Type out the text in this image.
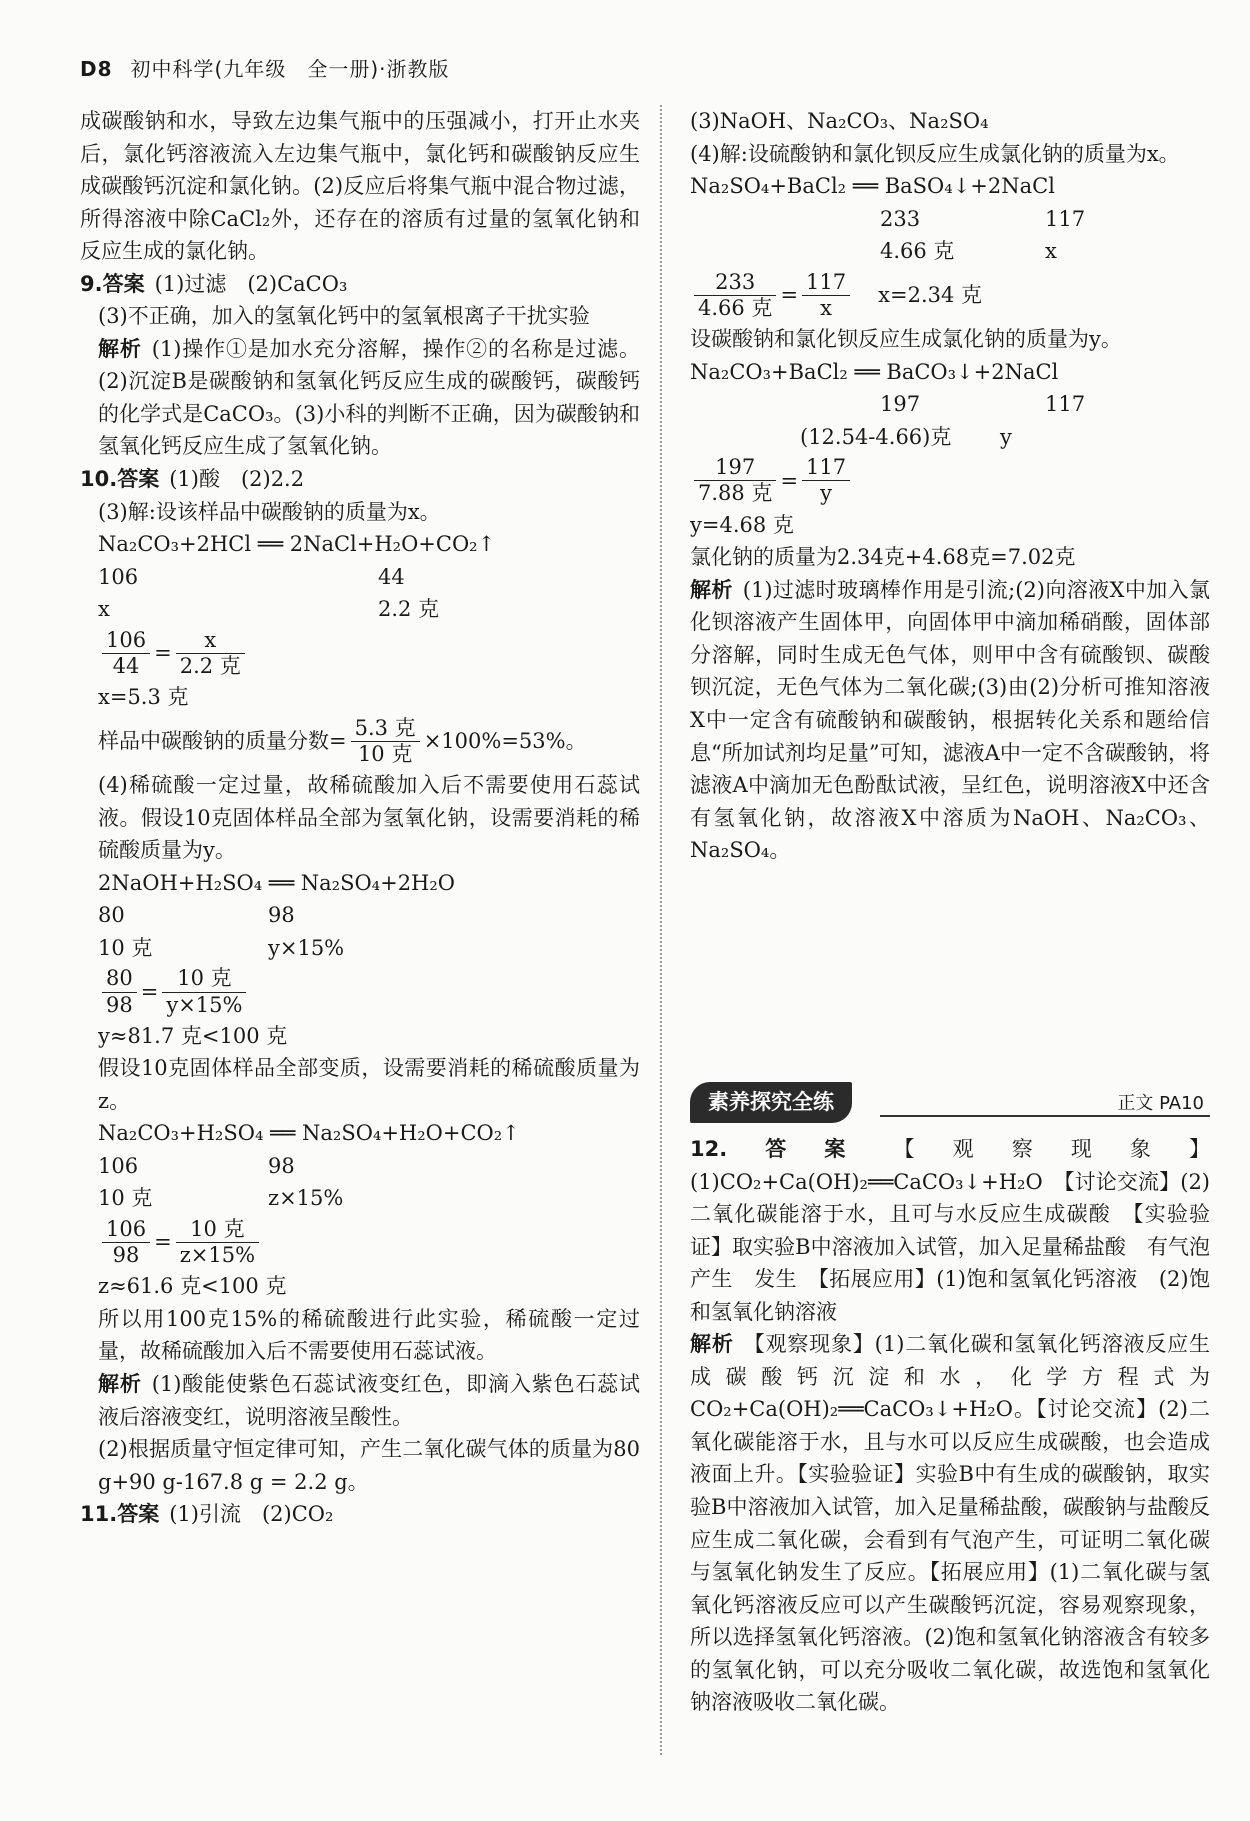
D8 初中科学(九年级　全一册)·浙教版

成碳酸钠和水，导致左边集气瓶中的压强减小，打开止水夹后，氯化钙溶液流入左边集气瓶中，氯化钙和碳酸钠反应生成碳酸钙沉淀和氯化钠。(2)反应后将集气瓶中混合物过滤，所得溶液中除CaCl₂外，还存在的溶质有过量的氢氧化钠和反应生成的氯化钠。

9.答案 (1)过滤　(2)CaCO₃

(3)不正确，加入的氢氧化钙中的氢氧根离子干扰实验

解析 (1)操作①是加水充分溶解，操作②的名称是过滤。(2)沉淀B是碳酸钠和氢氧化钙反应生成的碳酸钙，碳酸钙的化学式是CaCO₃。(3)小科的判断不正确，因为碳酸钠和氢氧化钙反应生成了氢氧化钠。

10.答案 (1)酸　(2)2.2

(3)解:设该样品中碳酸钠的质量为x。

Na₂CO₃+2HCl ══ 2NaCl+H₂O+CO₂↑

106	44
x	2.2 克
$\frac{106}{44} = \frac{x}{\text{2.2 克}}$

x=5.3 克

样品中碳酸钠的质量分数= $\frac{\text{5.3 克}}{\text{10 克}} \times 100\%=53\%$。

(4)稀硫酸一定过量，故稀硫酸加入后不需要使用石蕊试液。假设10克固体样品全部为氢氧化钠，设需要消耗的稀硫酸质量为y。

2NaOH+H₂SO₄ ══ Na₂SO₄+2H₂O

80	98
10 克	y×15%
$\frac{80}{98} = \frac{\text{10 克}}{y\times 15\%}$

y≈81.7 克<100 克

假设10克固体样品全部变质，设需要消耗的稀硫酸质量为z。

Na₂CO₃+H₂SO₄ ══ Na₂SO₄+H₂O+CO₂↑

106	98
10 克	z×15%
$\frac{106}{98} = \frac{\text{10 克}}{z\times 15\%}$

z≈61.6 克<100 克

所以用100克15%的稀硫酸进行此实验，稀硫酸一定过量，故稀硫酸加入后不需要使用石蕊试液。

解析 (1)酸能使紫色石蕊试液变红色，即滴入紫色石蕊试液后溶液变红，说明溶液呈酸性。

(2)根据质量守恒定律可知，产生二氧化碳气体的质量为80 g+90 g-167.8 g = 2.2 g。

11.答案 (1)引流　(2)CO₂

(3)NaOH、Na₂CO₃、Na₂SO₄

(4)解:设硫酸钠和氯化钡反应生成氯化钠的质量为x。

Na₂SO₄+BaCl₂ ══ BaSO₄↓+2NaCl

233	117
4.66 克	x
$\frac{233}{\text{4.66 克}} = \frac{117}{x} x=2.34$ 克

设碳酸钠和氯化钡反应生成氯化钠的质量为y。

Na₂CO₃+BaCl₂ ══ BaCO₃↓+2NaCl

197	117
(12.54-4.66)克	y
$\frac{197}{\text{7.88 克}} = \frac{117}{y}$

y=4.68 克

氯化钠的质量为2.34克+4.68克=7.02克

解析 (1)过滤时玻璃棒作用是引流;(2)向溶液X中加入氯化钡溶液产生固体甲，向固体甲中滴加稀硝酸，固体部分溶解，同时生成无色气体，则甲中含有硫酸钡、碳酸钡沉淀，无色气体为二氧化碳;(3)由(2)分析可推知溶液X中一定含有硫酸钠和碳酸钠，根据转化关系和题给信息“所加试剂均足量”可知，滤液A中一定不含碳酸钠，将滤液A中滴加无色酚酞试液，呈红色，说明溶液X中还含有氢氧化钠，故溶液X中溶质为NaOH、Na₂CO₃、Na₂SO₄。

素养探究全练	正文 PA10

12.答案 【观察现象】(1)CO₂+Ca(OH)₂══CaCO₃↓+H₂O　【讨论交流】(2)二氧化碳能溶于水，且可与水反应生成碳酸　【实验验证】取实验B中溶液加入试管，加入足量稀盐酸　有气泡产生　发生　【拓展应用】(1)饱和氢氧化钙溶液　(2)饱和氢氧化钠溶液

解析 【观察现象】(1)二氧化碳和氢氧化钙溶液反应生成碳酸钙沉淀和水，化学方程式为CO₂+Ca(OH)₂══CaCO₃↓+H₂O。【讨论交流】(2)二氧化碳能溶于水，且与水可以反应生成碳酸，也会造成液面上升。【实验验证】实验B中有生成的碳酸钠，取实验B中溶液加入试管，加入足量稀盐酸，碳酸钠与盐酸反应生成二氧化碳，会看到有气泡产生，可证明二氧化碳与氢氧化钠发生了反应。【拓展应用】(1)二氧化碳与氢氧化钙溶液反应可以产生碳酸钙沉淀，容易观察现象，所以选择氢氧化钙溶液。(2)饱和氢氧化钠溶液含有较多的氢氧化钠，可以充分吸收二氧化碳，故选饱和氢氧化钠溶液吸收二氧化碳。
